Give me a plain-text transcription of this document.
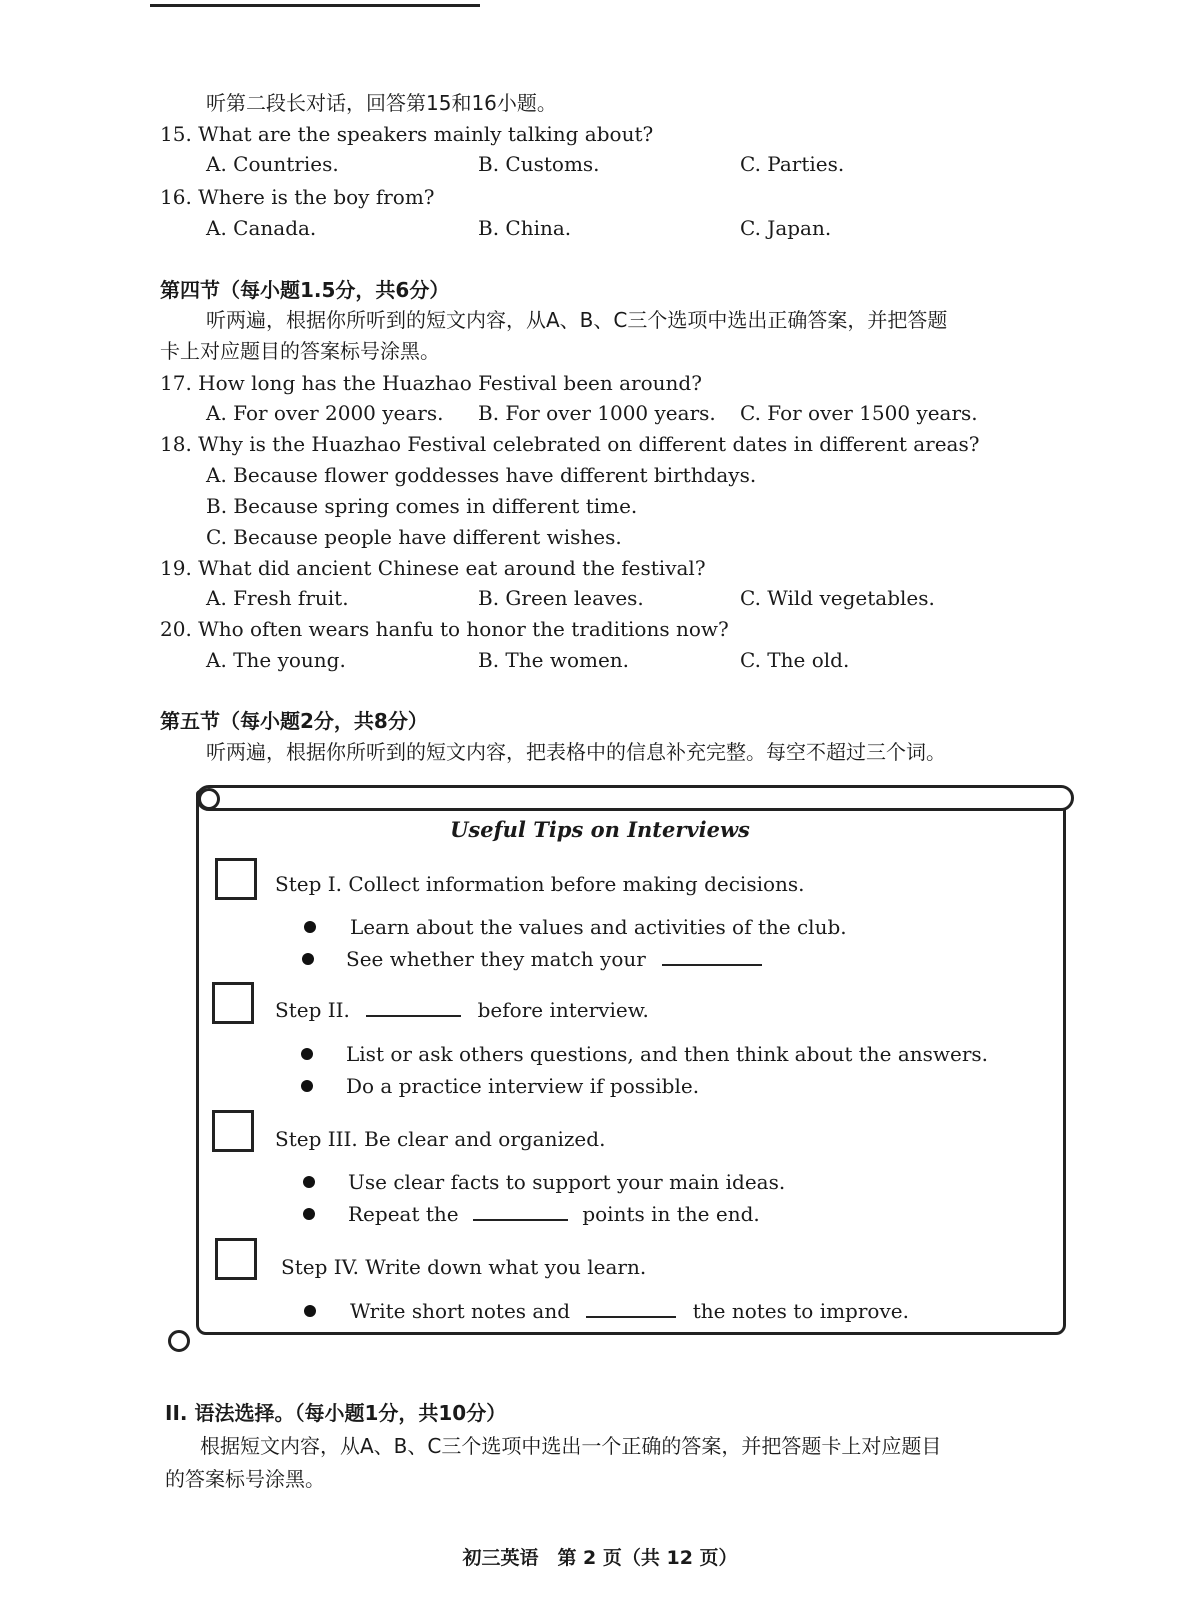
听第二段长对话，回答第15和16小题。
15. What are the speakers mainly talking about?
A. Countries.	B. Customs.	C. Parties.
16. Where is the boy from?
A. Canada.	B. China.	C. Japan.
第四节（每小题1.5分，共6分）
听两遍，根据你所听到的短文内容，从A、B、C三个选项中选出正确答案，并把答题
卡上对应题目的答案标号涂黑。
17. How long has the Huazhao Festival been around?
A. For over 2000 years. B. For over 1000 years. C. For over 1500 years.
18. Why is the Huazhao Festival celebrated on different dates in different areas?
A. Because flower goddesses have different birthdays.
B. Because spring comes in different time.
C. Because people have different wishes.
19. What did ancient Chinese eat around the festival?
A. Fresh fruit.	B. Green leaves.	C. Wild vegetables.
20. Who often wears hanfu to honor the traditions now?
A. The young.	B. The women.	C. The old.
第五节（每小题2分，共8分）
听两遍，根据你所听到的短文内容，把表格中的信息补充完整。每空不超过三个词。
Useful Tips on Interviews
Step I. Collect information before making decisions.
Learn about the values and activities of the club.
See whether they match your
Step II.	before interview.
List or ask others questions, and then think about the answers.
Do a practice interview if possible.
Step III. Be clear and organized.
Use clear facts to support your main ideas.
Repeat the	points in the end.
Step IV. Write down what you learn.
Write short notes and	the notes to improve.
II. 语法选择。（每小题1分，共10分）
根据短文内容，从A、B、C三个选项中选出一个正确的答案，并把答题卡上对应题目
的答案标号涂黑。
初三英语　第 2 页（共 12 页）
